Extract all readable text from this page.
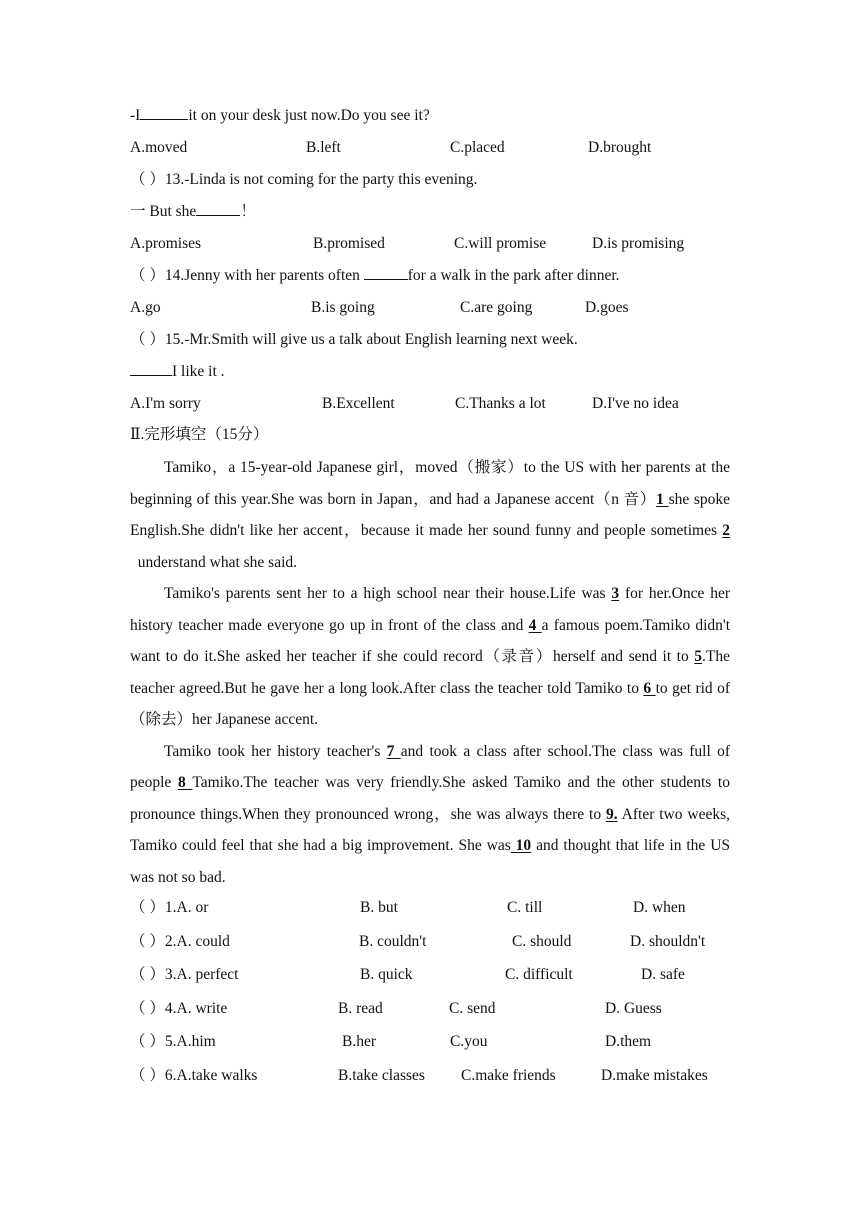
-I	it on your desk just now.Do you see it?
A.moved	B.left	C.placed	D.brought
（ ）13.-Linda is not coming for the party this evening.
一 But she	！
A.promises	B.promised	C.will promise	D.is promising
（ ）14.Jenny with her parents often	for a walk in the park after dinner.
A.go	B.is going	C.are going	D.goes
（ ）15.-Mr.Smith will give us a talk about English learning next week.
I like it .
A.I'm sorry	B.Excellent	C.Thanks a lot	D.I've no idea
Ⅱ.完形填空（15分）

Tamiko，a 15-year-old Japanese girl，moved（搬家）to the US with her parents at the beginning of this year.She was born in Japan，and had a Japanese accent（n 音）1 she spoke English.She didn't like her accent，because it made her sound funny and people sometimes 2  understand what she said.

Tamiko's parents sent her to a high school near their house.Life was 3 for her.Once her history teacher made everyone go up in front of the class and 4 a famous poem.Tamiko didn't want to do it.She asked her teacher if she could record（录音）herself and send it to 5.The teacher agreed.But he gave her a long look.After class the teacher told Tamiko to 6 to get rid of（除去）her Japanese accent.

Tamiko took her history teacher's 7 and took a class after school.The class was full of people 8 Tamiko.The teacher was very friendly.She asked Tamiko and the other students to pronounce things.When they pronounced wrong，she was always there to 9. After two weeks, Tamiko could feel that she had a big improvement. She was 10 and thought that life in the US was not so bad.

（ ）1.A. or	B. but	C. till	D. when
（ ）2.A. could	B. couldn't	C. should	D. shouldn't
（ ）3.A. perfect	B. quick	C. difficult	D. safe
（ ）4.A. write	B. read	C. send	D. Guess
（ ）5.A.him	B.her	C.you	D.them
（ ）6.A.take walks	B.take classes C.make friends	D.make mistakes
